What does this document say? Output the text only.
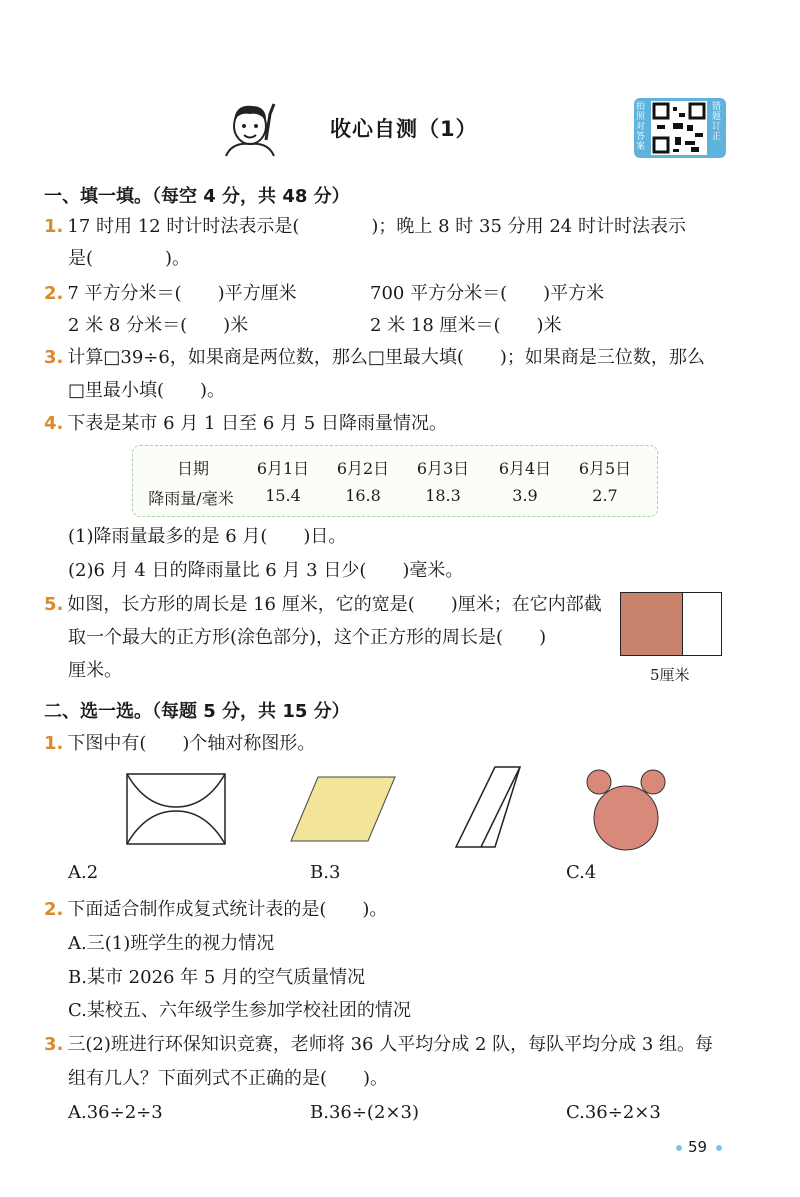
收心自测（1）
拍照对答案
错题订正
一、填一填。（每空 4 分，共 48 分）
1. 17 时用 12 时计时法表示是(　　　　)；晚上 8 时 35 分用 24 时计时法表示
是(　　　　)。
2. 7 平方分米＝(　　)平方厘米	700 平方分米＝(　　)平方米
2 米 8 分米＝(　　)米	2 米 18 厘米＝(　　)米
3. 计算□39÷6，如果商是两位数，那么□里最大填(　　)；如果商是三位数，那么
□里最小填(　　)。
4. 下表是某市 6 月 1 日至 6 月 5 日降雨量情况。
日期	6月1日	6月2日	6月3日	6月4日	6月5日
降雨量/毫米	15.4	16.8	18.3	3.9	2.7
(1)降雨量最多的是 6 月(　　)日。
(2)6 月 4 日的降雨量比 6 月 3 日少(　　)毫米。
5. 如图，长方形的周长是 16 厘米，它的宽是(　　)厘米；在它内部截
取一个最大的正方形(涂色部分)，这个正方形的周长是(　　)
厘米。	5厘米
二、选一选。（每题 5 分，共 15 分）
1. 下图中有(　　)个轴对称图形。
A.2	B.3	C.4
2. 下面适合制作成复式统计表的是(　　)。
A.三(1)班学生的视力情况
B.某市 2026 年 5 月的空气质量情况
C.某校五、六年级学生参加学校社团的情况
3. 三(2)班进行环保知识竞赛，老师将 36 人平均分成 2 队，每队平均分成 3 组。每
组有几人？下面列式不正确的是(　　)。
A.36÷2÷3	B.36÷(2×3)	C.36÷2×3
59
